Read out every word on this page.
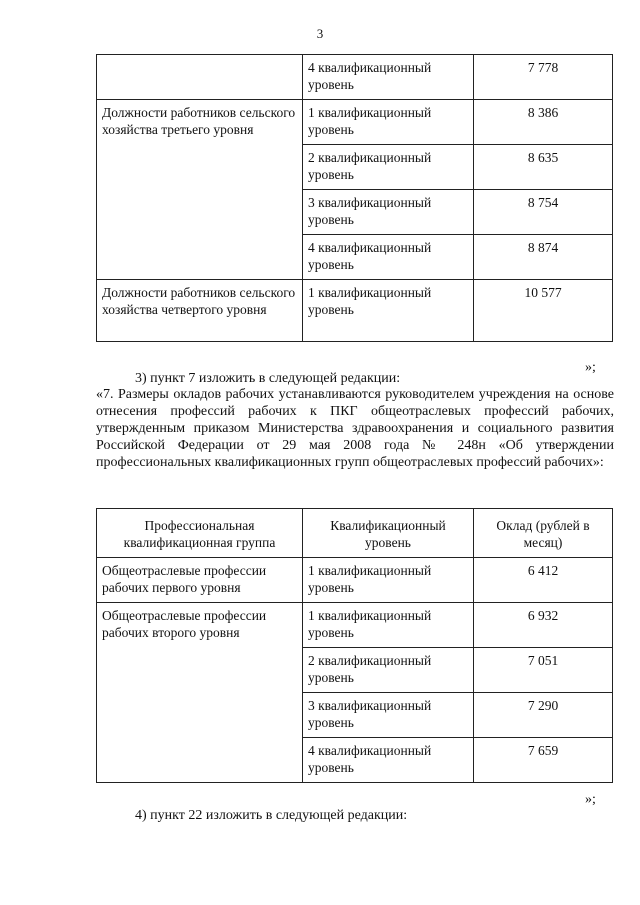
3
	4 квалификационный уровень	7 778
Должности работников сельского хозяйства третьего уровня	1 квалификационный уровень	8 386
	2 квалификационный уровень	8 635
	3 квалификационный уровень	8 754
	4 квалификационный уровень	8 874
Должности работников сельского хозяйства четвертого уровня	1 квалификационный уровень	10 577
»;
3) пункт 7 изложить в следующей редакции:
«7. Размеры окладов рабочих устанавливаются руководителем учреждения на основе отнесения профессий рабочих к ПКГ общеотраслевых профессий рабочих, утвержденным приказом Министерства здравоохранения и социального развития Российской Федерации от 29 мая 2008 года № 248н «Об утверждении профессиональных квалификационных групп общеотраслевых профессий рабочих»:
Профессиональная квалификационная группа	Квалификационный уровень	Оклад (рублей в месяц)
Общеотраслевые профессии рабочих первого уровня	1 квалификационный уровень	6 412
Общеотраслевые профессии рабочих второго уровня	1 квалификационный уровень	6 932
	2 квалификационный уровень	7 051
	3 квалификационный уровень	7 290
	4 квалификационный уровень	7 659
»;
4) пункт 22 изложить в следующей редакции:
